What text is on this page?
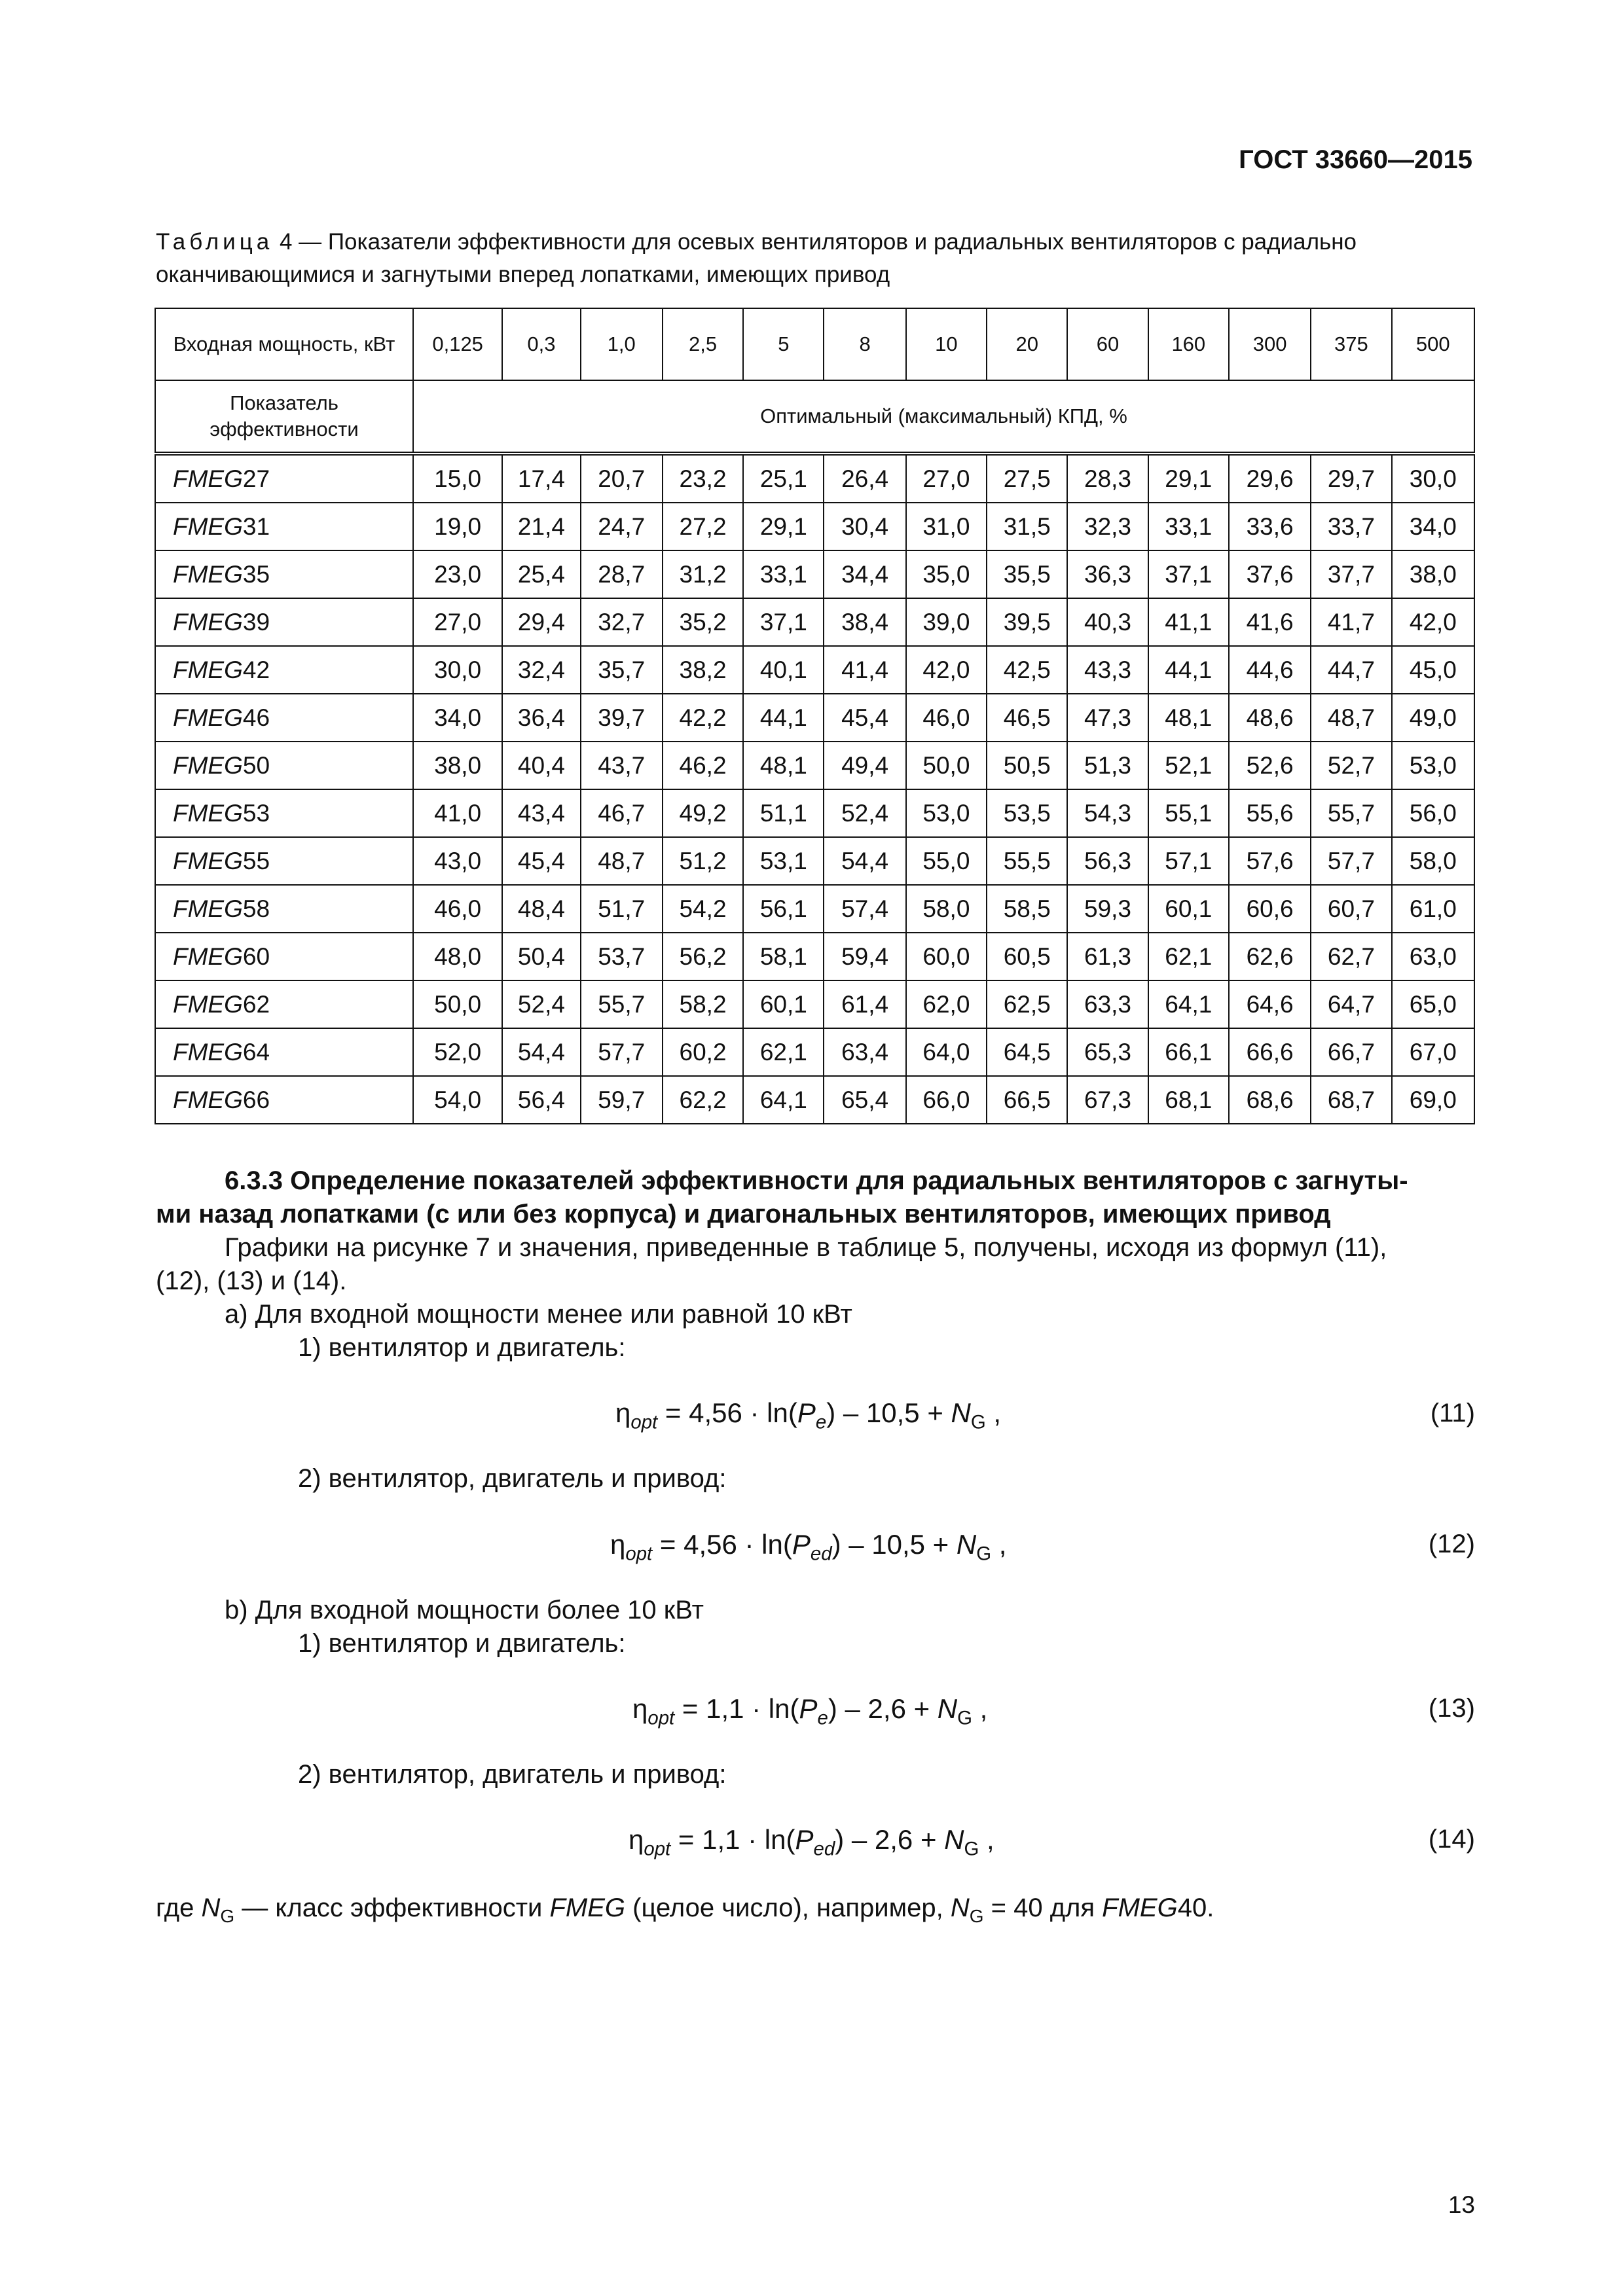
ГОСТ 33660—2015
Таблица 4 — Показатели эффективности для осевых вентиляторов и радиальных вентиляторов с радиально оканчивающимися и загнутыми вперед лопатками, имеющих привод
Входная мощность, кВт	0,125	0,3	1,0	2,5	5	8	10	20	60	160	300	375	500
Показатель эффективности	Оптимальный (максимальный) КПД, %												
FMEG27	15,0	17,4	20,7	23,2	25,1	26,4	27,0	27,5	28,3	29,1	29,6	29,7	30,0
FMEG31	19,0	21,4	24,7	27,2	29,1	30,4	31,0	31,5	32,3	33,1	33,6	33,7	34,0
FMEG35	23,0	25,4	28,7	31,2	33,1	34,4	35,0	35,5	36,3	37,1	37,6	37,7	38,0
FMEG39	27,0	29,4	32,7	35,2	37,1	38,4	39,0	39,5	40,3	41,1	41,6	41,7	42,0
FMEG42	30,0	32,4	35,7	38,2	40,1	41,4	42,0	42,5	43,3	44,1	44,6	44,7	45,0
FMEG46	34,0	36,4	39,7	42,2	44,1	45,4	46,0	46,5	47,3	48,1	48,6	48,7	49,0
FMEG50	38,0	40,4	43,7	46,2	48,1	49,4	50,0	50,5	51,3	52,1	52,6	52,7	53,0
FMEG53	41,0	43,4	46,7	49,2	51,1	52,4	53,0	53,5	54,3	55,1	55,6	55,7	56,0
FMEG55	43,0	45,4	48,7	51,2	53,1	54,4	55,0	55,5	56,3	57,1	57,6	57,7	58,0
FMEG58	46,0	48,4	51,7	54,2	56,1	57,4	58,0	58,5	59,3	60,1	60,6	60,7	61,0
FMEG60	48,0	50,4	53,7	56,2	58,1	59,4	60,0	60,5	61,3	62,1	62,6	62,7	63,0
FMEG62	50,0	52,4	55,7	58,2	60,1	61,4	62,0	62,5	63,3	64,1	64,6	64,7	65,0
FMEG64	52,0	54,4	57,7	60,2	62,1	63,4	64,0	64,5	65,3	66,1	66,6	66,7	67,0
FMEG66	54,0	56,4	59,7	62,2	64,1	65,4	66,0	66,5	67,3	68,1	68,6	68,7	69,0
6.3.3 Определение показателей эффективности для радиальных вентиляторов с загнуты-
ми назад лопатками (с или без корпуса) и диагональных вентиляторов, имеющих привод
Графики на рисунке 7 и значения, приведенные в таблице 5, получены, исходя из формул (11),
(12), (13) и (14).
а) Для входной мощности менее или равной 10 кВт
1) вентилятор и двигатель:
$\eta_{opt} = 4,56 \cdot \ln(P_e) - 10,5 + N_G$ ,	(11)
2) вентилятор, двигатель и привод:
$\eta_{opt} = 4,56 \cdot \ln(P_{ed}) - 10,5 + N_G$ ,	(12)
b) Для входной мощности более 10 кВт
1) вентилятор и двигатель:
$\eta_{opt} = 1,1 \cdot \ln(P_e) - 2,6 + N_G$ ,	(13)
2) вентилятор, двигатель и привод:
$\eta_{opt} = 1,1 \cdot \ln(P_{ed}) - 2,6 + N_G$ ,	(14)
где $N_G$ — класс эффективности FMEG (целое число), например, $N_G = 40$ для FMEG40.
13
